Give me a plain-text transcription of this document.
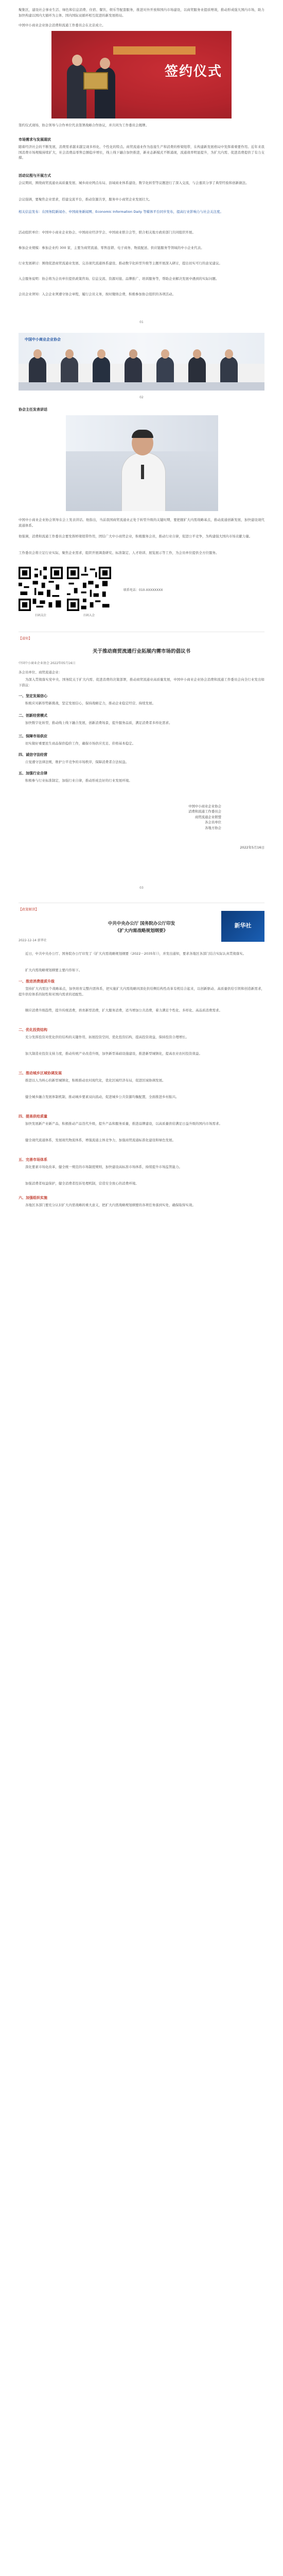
聚集区，建设社会事业生活、绿色和信息消费、住宿、餐饮、娱乐等配套服务，推进对外开放和国内市场建设，以商贸服务业提质增效，推动形成强大国内市场，助力加快构建以国内大循环为主体、国内国际双循环相互促进的新发展格局。
中国中小商业企业协会消费和流通工作委员会在北京成立。
签约仪式
签约仪式现场，协会领导与合作单位代表签署战略合作协议，并共同为工作委员会揭牌。
市场需求与发展现状
随着经济社会的不断发展，消费需求越来越呈现多样化、个性化的特点。商贸流通业作为连接生产和消费的桥梁纽带，在构建新发展格局中发挥着重要作用。近年来我国消费市场规模持续扩大，社会消费品零售总额稳步增长，线上线下融合加快推进，新业态新模式不断涌现，流通效率明显提升，为扩大内需、促进消费提供了有力支撑。
活动议程与开展方式
会议期间，围绕商贸流通业高质量发展、城乡商业网点布局、县域商业体系建设、数字化转型等议题进行了深入交流，与会嘉宾分享了典型经验和创新做法。
会议强调，要聚焦企业需求，搭建交流平台，推动资源共享，服务中小商贸企业发展壮大。
相关信息发布：在国务院新闻办、中国商务新闻网、Economic Information Daily 等媒体平台同步发布，提高行业影响力与社会关注度。
活动组织单位：中国中小商业企业协会、中国商业经济学会、中国商业联合会等，联合相关地方政府部门共同组织开展。
参加企业规模：参加企业约 300 家，主要为商贸流通、零售连锁、电子商务、物流配送、供应链服务等领域的中小企业代表。
行业发展研讨：围绕促进商贸流通业发展、完善现代流通体系建设、推动数字化转型升级等主题开展深入研讨，提出切实可行的意见建议。
入会服务说明：协会将为会员单位提供政策咨询、信息交流、资源对接、品牌推广、培训服务等，帮助企业解决发展中遇到的实际问题。
会员企业须知：入会企业须遵守协会章程，履行会员义务，按时缴纳会费，积极参加协会组织的各项活动。
01
中国中小商业企业协会
02
协会主任发表讲话
中国中小商业企业协会领导在会上发表讲话。他指出，当前我国商贸流通业正处于转型升级的关键时期，要把握扩大内需战略基点，推动流通创新发展，加快建设现代流通体系。
他强调，消费和流通工作委员会要发挥桥梁纽带作用，团结广大中小商贸企业，积极服务会员，推动行业自律，促进公平竞争，为构建强大国内市场贡献力量。
工作委员会将立足行业实际，聚焦企业需求，组织开展调查研究、标准制定、人才培训、展览展示等工作，为会员单位提供全方位服务。
扫码关注	扫码入会
联系电话：010-XXXXXXXX
【通知】
关于推动商贸流通行业拓展内需市场的倡议书
中国中小商业企业协会 2022年05月16日
各会员单位、商贸流通企业：
为深入贯彻落实党中央、国务院关于扩大内需、促进消费的决策部署，推动商贸流通业高质量发展，中国中小商业企业协会消费和流通工作委员会向全行业发出如下倡议：
一、坚定发展信心
积极应对新形势新挑战，坚定发展信心，保持战略定力，推动企业稳定经营、持续发展。
二、创新经营模式
加快数字化转型，推动线上线下融合发展，创新消费场景，提升服务品质，满足消费者多样化需求。
三、保障市场供应
切实做好重要民生商品保供稳价工作，确保市场供应充足、价格基本稳定。
四、诚信守法经营
自觉遵守法律法规，维护公平竞争的市场秩序，保障消费者合法权益。
五、加强行业自律
积极参与行业标准制定，加强行业自律，推动形成良好的行业发展环境。
中国中小商业企业协会
消费和流通工作委员会
商贸流通企业联盟
各会员单位
各地方协会
2022年5月16日
03
【政策解读】
新华社
中共中央办公厅 国务院办公厅印发
《扩大内需战略规划纲要》
2022-12-14 新华社
近日，中共中央办公厅、国务院办公厅印发了《扩大内需战略规划纲要（2022－2035年）》，并发出通知，要求各地区各部门结合实际认真贯彻落实。
扩大内需战略规划纲要主要内容如下。
一、推进消费提质升级
坚持扩大内需这个战略基点，加快培育完整内需体系，把实施扩大内需战略同深化供给侧结构性改革有机结合起来，以创新驱动、高质量供给引领和创造新需求，提升供给体系的韧性和对国内需求的适配性。
顺应消费升级趋势，提升传统消费，培育新型消费，扩大服务消费，适当增加公共消费，着力满足个性化、多样化、高品质消费需求。
二、优化投资结构
充分发挥投资对优化供给结构的关键作用，拓展投资空间，优化投资结构，提高投资效益，保持投资合理增长。
加大制造业投资支持力度，推动传统产业改造升级，加快新型基础设施建设，推进新型城镇化，提高农业农村投资效益。
三、推动城乡区域协调发展
推进以人为核心的新型城镇化，积极推动农村现代化，优化区域经济布局，促进区域协调发展。
健全城乡融合发展体制机制，推动城乡要素双向流动，促进城乡公共资源均衡配置，全面推进乡村振兴。
四、提高供给质量
加快发展新产业新产品，积极推动产品迭代升级，提升产品和服务质量，推进品牌建设，以高质量供给满足日益升级的国内市场需求。
健全现代流通体系，发展现代物流体系，增强流通主体竞争力，加强商贸流通标准化建设和绿色发展。
五、完善市场体系
深化要素市场化改革，健全统一规范的市场制度规则，加快建设高标准市场体系，持续提升市场监管能力。
加强消费者权益保护，健全消费者投诉处理机制，营造安全放心的消费环境。
六、加强组织实施
各地区各部门要充分认识扩大内需战略的重大意义，把扩大内需战略规划纲要的各项任务落到实处，确保取得实效。
